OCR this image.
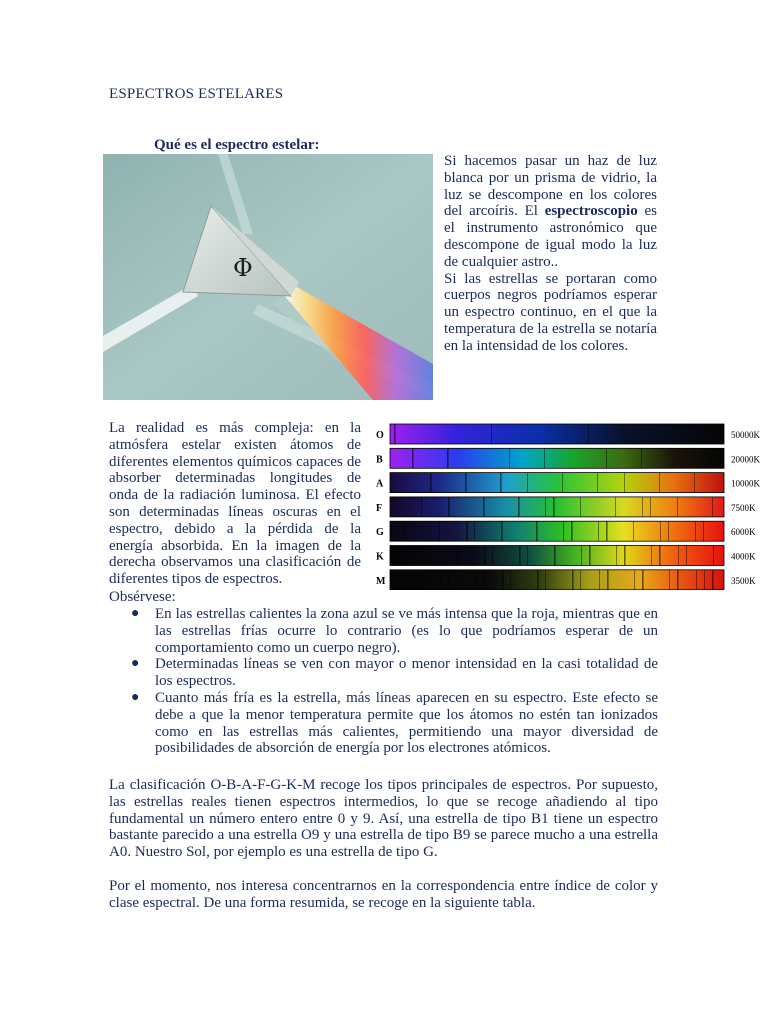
ESPECTROS ESTELARES
Qué es el espectro estelar:
Φ

Si hacemos pasar un haz de luz blanca por un prisma de vidrio, la luz se descompone en los colores del arcoíris. El espectroscopio es el instrumento astronómico que descompone de igual modo la luz de cualquier astro..
Si las estrellas se portaran como cuerpos negros podríamos esperar un espectro continuo, en el que la temperatura de la estrella se notaría en la intensidad de los colores.

La realidad es más compleja: en la atmósfera estelar existen átomos de diferentes elementos químicos capaces de absorber determinadas longitudes de onda de la radiación luminosa. El efecto son determinadas líneas oscuras en el espectro, debido a la pérdida de la energía absorbida. En la imagen de la derecha observamos una clasificación de diferentes tipos de espectros.

O	50000K
B	20000K
A	10000K
F	7500K
G	6000K
K	4000K
M	3500K
Obsérvese:
● En las estrellas calientes la zona azul se ve más intensa que la roja, mientras que en las estrellas frías ocurre lo contrario (es lo que podríamos esperar de un comportamiento como un cuerpo negro).
● Determinadas líneas se ven con mayor o menor intensidad en la casi totalidad de los espectros.
● Cuanto más fría es la estrella, más líneas aparecen en su espectro. Este efecto se debe a que la menor temperatura permite que los átomos no estén tan ionizados como en las estrellas más calientes, permitiendo una mayor diversidad de posibilidades de absorción de energía por los electrones atómicos.

La clasificación O-B-A-F-G-K-M recoge los tipos principales de espectros. Por supuesto, las estrellas reales tienen espectros intermedios, lo que se recoge añadiendo al tipo fundamental un número entero entre 0 y 9. Así, una estrella de tipo B1 tiene un espectro bastante parecido a una estrella O9 y una estrella de tipo B9 se parece mucho a una estrella A0. Nuestro Sol, por ejemplo es una estrella de tipo G.

Por el momento, nos interesa concentrarnos en la correspondencia entre índice de color y clase espectral. De una forma resumida, se recoge en la siguiente tabla.
